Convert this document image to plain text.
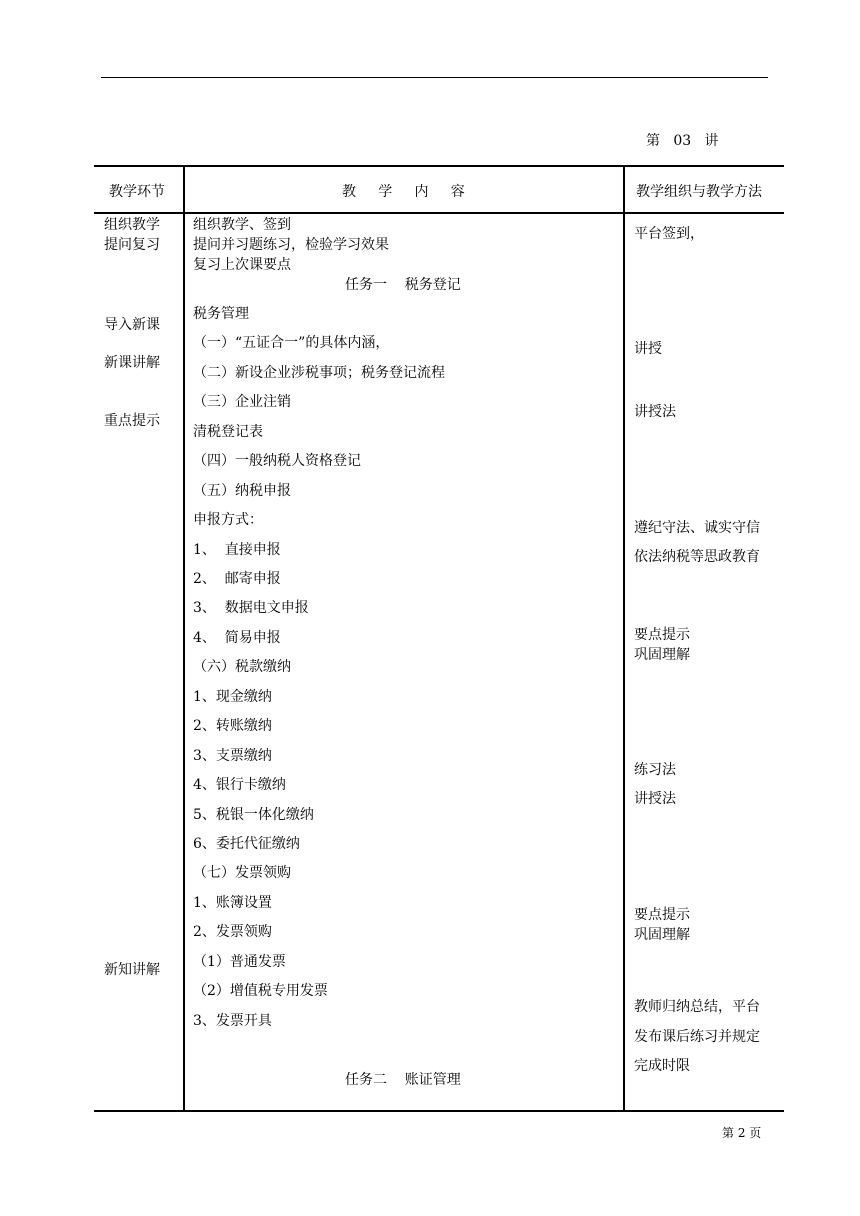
第   03   讲
教学环节	教     学     内     容	教学组织与教学方法
组织教学
提问复习
导入新课
新课讲解
重点提示
新知讲解
组织教学、签到
提问并习题练习，检验学习效果
复习上次课要点
任务一    税务登记
税务管理
（一）“五证合一”的具体内涵，
（二）新设企业涉税事项；税务登记流程
（三）企业注销
清税登记表
（四）一般纳税人资格登记
（五）纳税申报
申报方式：
1、  直接申报
2、  邮寄申报
3、  数据电文申报
4、  简易申报
（六）税款缴纳
1、现金缴纳
2、转账缴纳
3、支票缴纳
4、银行卡缴纳
5、税银一体化缴纳
6、委托代征缴纳
（七）发票领购
1、账簿设置
2、发票领购
（1）普通发票
（2）增值税专用发票
3、发票开具
任务二    账证管理
平台签到，
讲授
讲授法
遵纪守法、诚实守信
依法纳税等思政教育
要点提示
巩固理解
练习法
讲授法
要点提示
巩固理解
教师归纳总结，平台
发布课后练习并规定
完成时限
第 2 页
